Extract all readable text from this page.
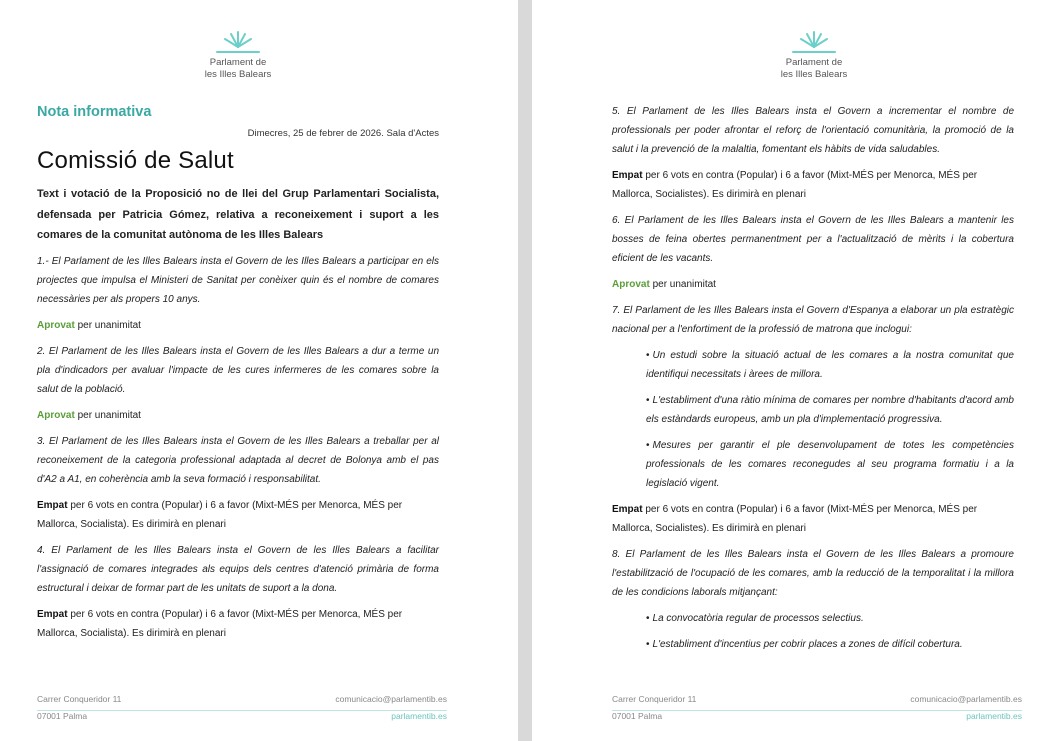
Parlament de
les Illes Balears
Nota informativa
Dimecres, 25 de febrer de 2026. Sala d'Actes
Comissió de Salut
Text i votació de la Proposició no de llei del Grup Parlamentari Socialista, defensada per Patricia Gómez, relativa a reconeixement i suport a les comares de la comunitat autònoma de les Illes Balears

1.- El Parlament de les Illes Balears insta el Govern de les Illes Balears a participar en els projectes que impulsa el Ministeri de Sanitat per conèixer quin és el nombre de comares necessàries per als propers 10 anys.

Aprovat per unanimitat

2. El Parlament de les Illes Balears insta el Govern de les Illes Balears a dur a terme un pla d'indicadors per avaluar l'impacte de les cures infermeres de les comares sobre la salut de la població.

Aprovat per unanimitat

3. El Parlament de les Illes Balears insta el Govern de les Illes Balears a treballar per al reconeixement de la categoria professional adaptada al decret de Bolonya amb el pas d'A2 a A1, en coherència amb la seva formació i responsabilitat.

Empat per 6 vots en contra (Popular) i 6 a favor (Mixt-MÉS per Menorca, MÉS per Mallorca, Socialista). Es dirimirà en plenari

4. El Parlament de les Illes Balears insta el Govern de les Illes Balears a facilitar l'assignació de comares integrades als equips dels centres d'atenció primària de forma estructural i deixar de formar part de les unitats de suport a la dona.

Empat per 6 vots en contra (Popular) i 6 a favor (Mixt-MÉS per Menorca, MÉS per Mallorca, Socialista). Es dirimirà en plenari

Carrer Conqueridor 11	comunicacio@parlamentib.es
07001 Palma	parlamentib.es
Parlament de
les Illes Balears

5. El Parlament de les Illes Balears insta el Govern a incrementar el nombre de professionals per poder afrontar el reforç de l'orientació comunitària, la promoció de la salut i la prevenció de la malaltia, fomentant els hàbits de vida saludables.

Empat per 6 vots en contra (Popular) i 6 a favor (Mixt-MÉS per Menorca, MÉS per Mallorca, Socialistes). Es dirimirà en plenari

6. El Parlament de les Illes Balears insta el Govern de les Illes Balears a mantenir les bosses de feina obertes permanentment per a l'actualització de mèrits i la cobertura eficient de les vacants.

Aprovat per unanimitat

7. El Parlament de les Illes Balears insta el Govern d'Espanya a elaborar un pla estratègic nacional per a l'enfortiment de la professió de matrona que inclogui:

• Un estudi sobre la situació actual de les comares a la nostra comunitat que identifiqui necessitats i àrees de millora.
• L'establiment d'una ràtio mínima de comares per nombre d'habitants d'acord amb els estàndards europeus, amb un pla d'implementació progressiva.
• Mesures per garantir el ple desenvolupament de totes les competències professionals de les comares reconegudes al seu programa formatiu i a la legislació vigent.

Empat per 6 vots en contra (Popular) i 6 a favor (Mixt-MÉS per Menorca, MÉS per Mallorca, Socialistes). Es dirimirà en plenari

8. El Parlament de les Illes Balears insta el Govern de les Illes Balears a promoure l'estabilització de l'ocupació de les comares, amb la reducció de la temporalitat i la millora de les condicions laborals mitjançant:

• La convocatòria regular de processos selectius.
• L'establiment d'incentius per cobrir places a zones de difícil cobertura.
Carrer Conqueridor 11	comunicacio@parlamentib.es
07001 Palma	parlamentib.es
